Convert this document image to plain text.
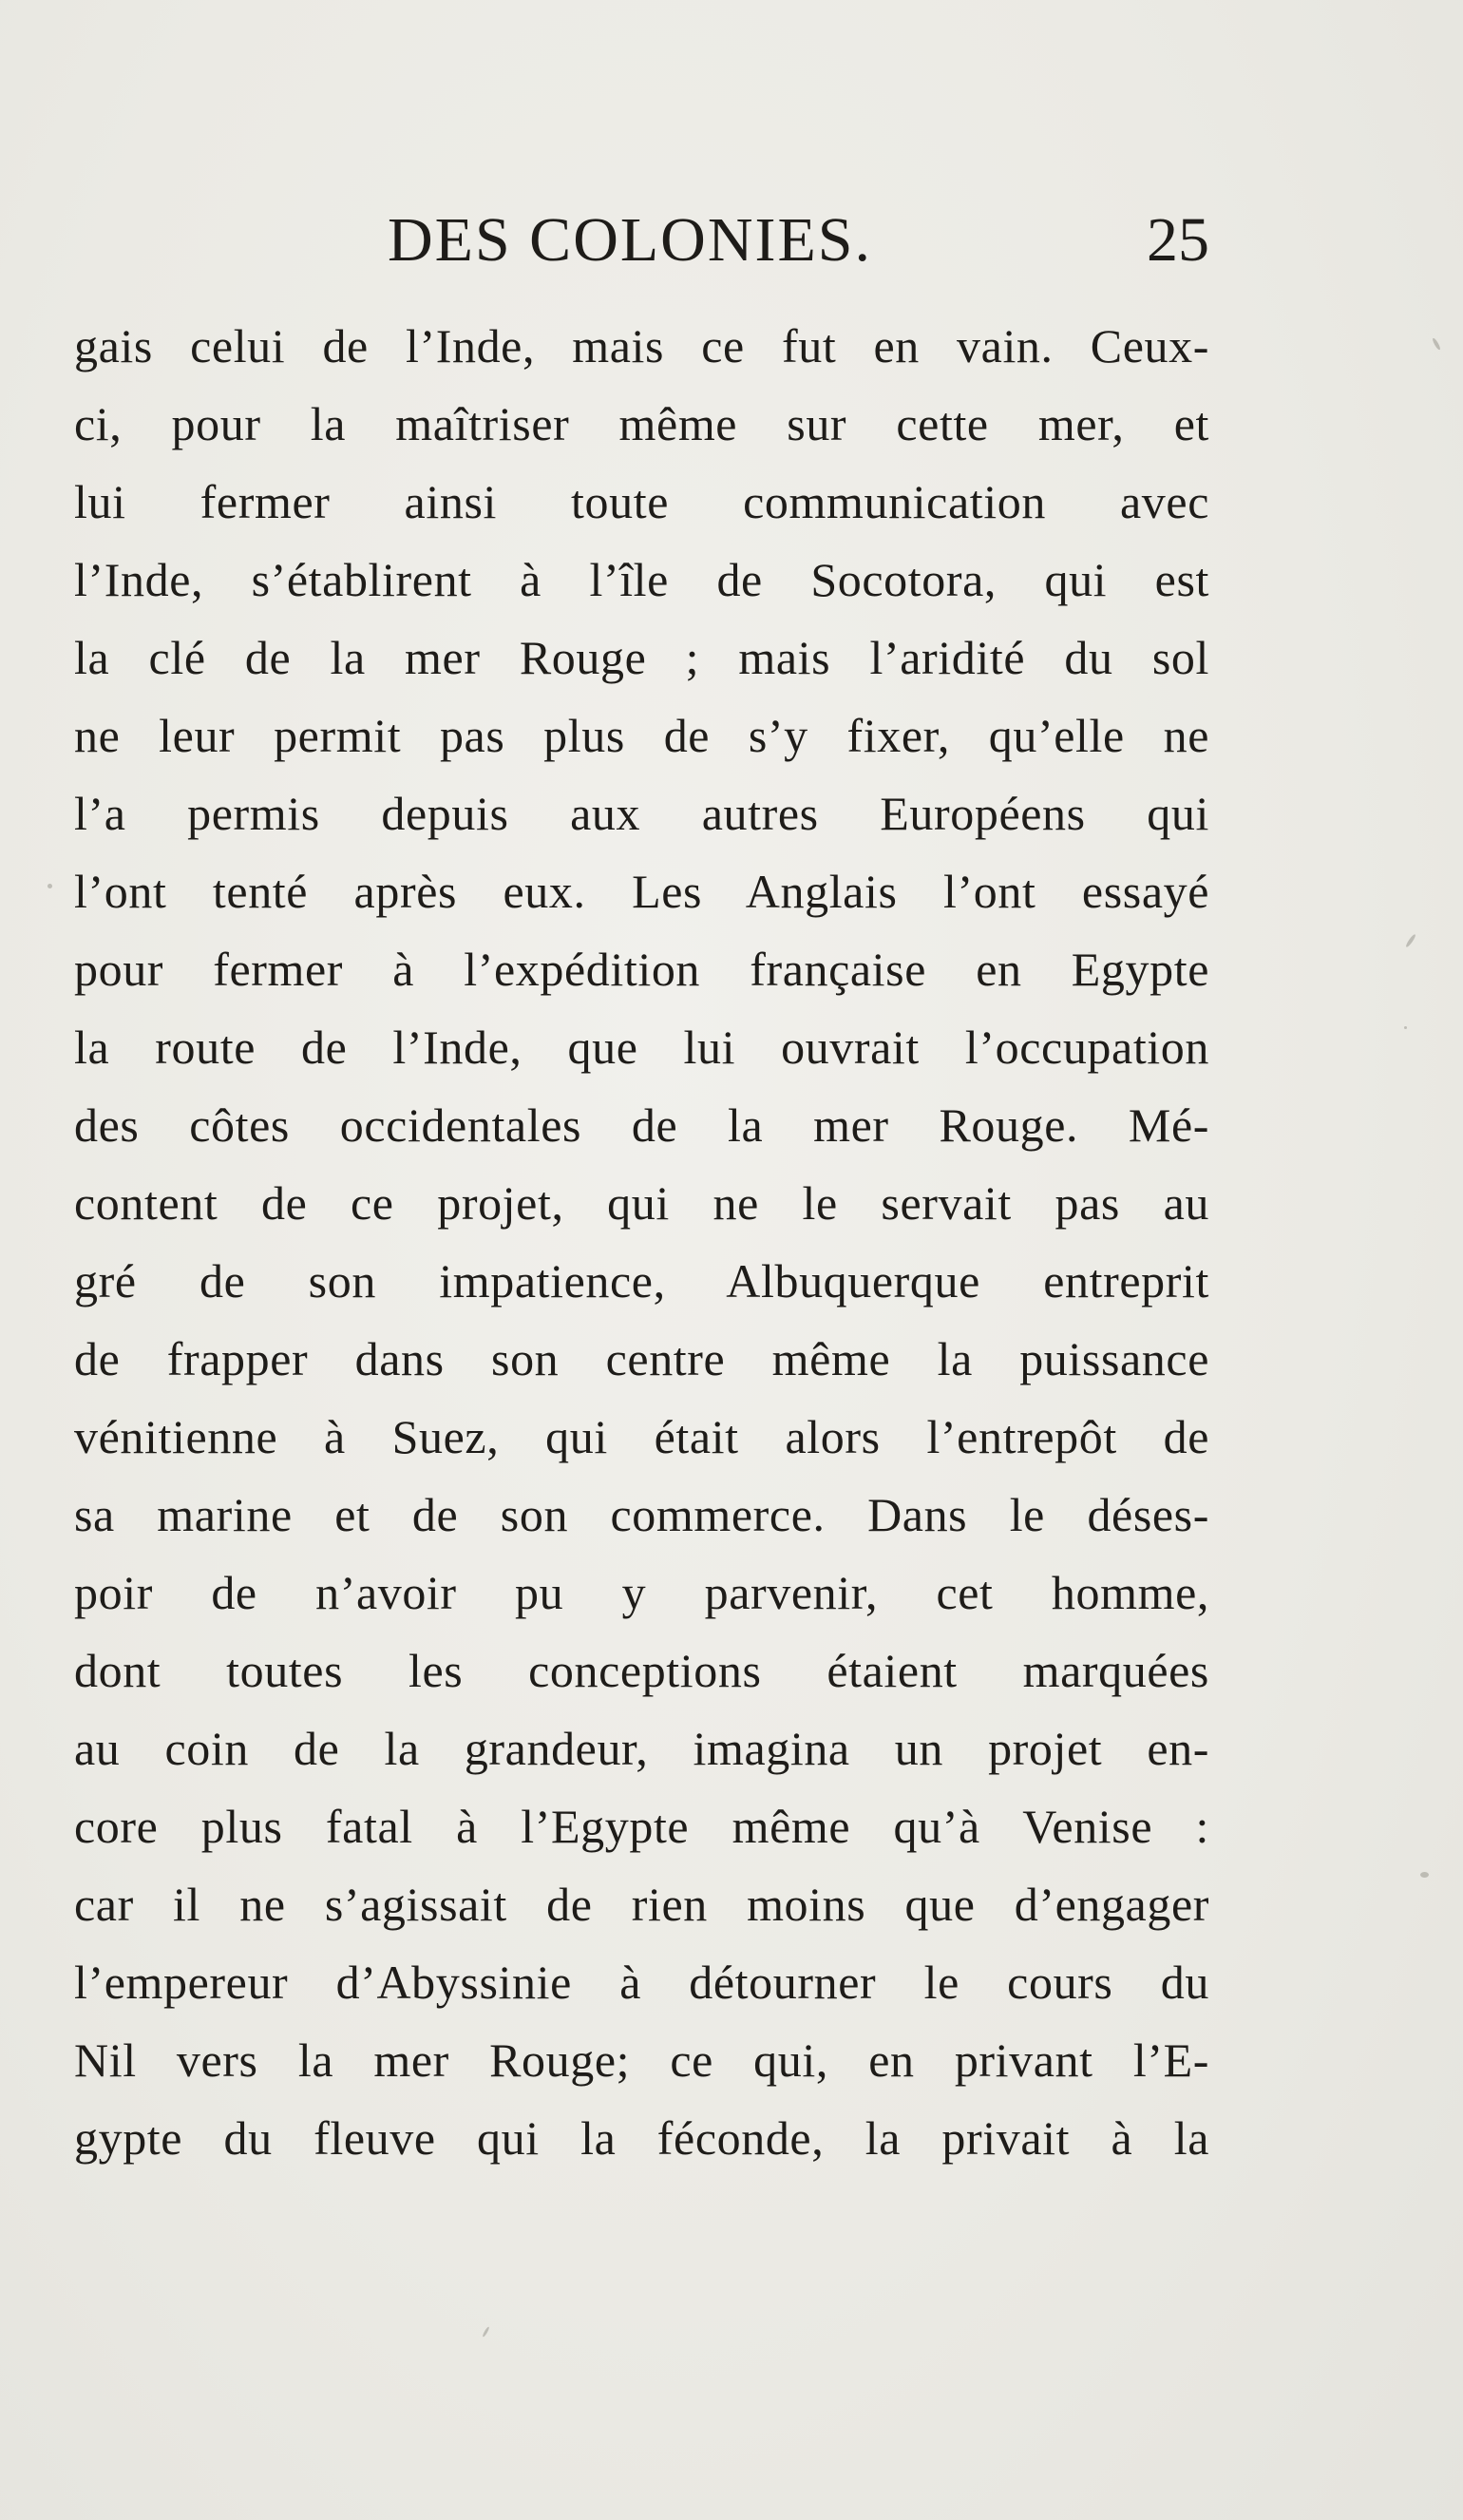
DES COLONIES.	25
gais celui de l’Inde, mais ce fut en vain. Ceux-
ci, pour la maîtriser même sur cette mer, et
lui fermer ainsi toute communication avec
l’Inde, s’établirent à l’île de Socotora, qui est
la clé de la mer Rouge ; mais l’aridité du sol
ne leur permit pas plus de s’y fixer, qu’elle ne
l’a permis depuis aux autres Européens qui
l’ont tenté après eux. Les Anglais l’ont essayé
pour fermer à l’expédition française en Egypte
la route de l’Inde, que lui ouvrait l’occupation
des côtes occidentales de la mer Rouge. Mé-
content de ce projet, qui ne le servait pas au
gré de son impatience, Albuquerque entreprit
de frapper dans son centre même la puissance
vénitienne à Suez, qui était alors l’entrepôt de
sa marine et de son commerce. Dans le déses-
poir de n’avoir pu y parvenir, cet homme,
dont toutes les conceptions étaient marquées
au coin de la grandeur, imagina un projet en-
core plus fatal à l’Egypte même qu’à Venise :
car il ne s’agissait de rien moins que d’engager
l’empereur d’Abyssinie à détourner le cours du
Nil vers la mer Rouge; ce qui, en privant l’E-
gypte du fleuve qui la féconde, la privait à la
